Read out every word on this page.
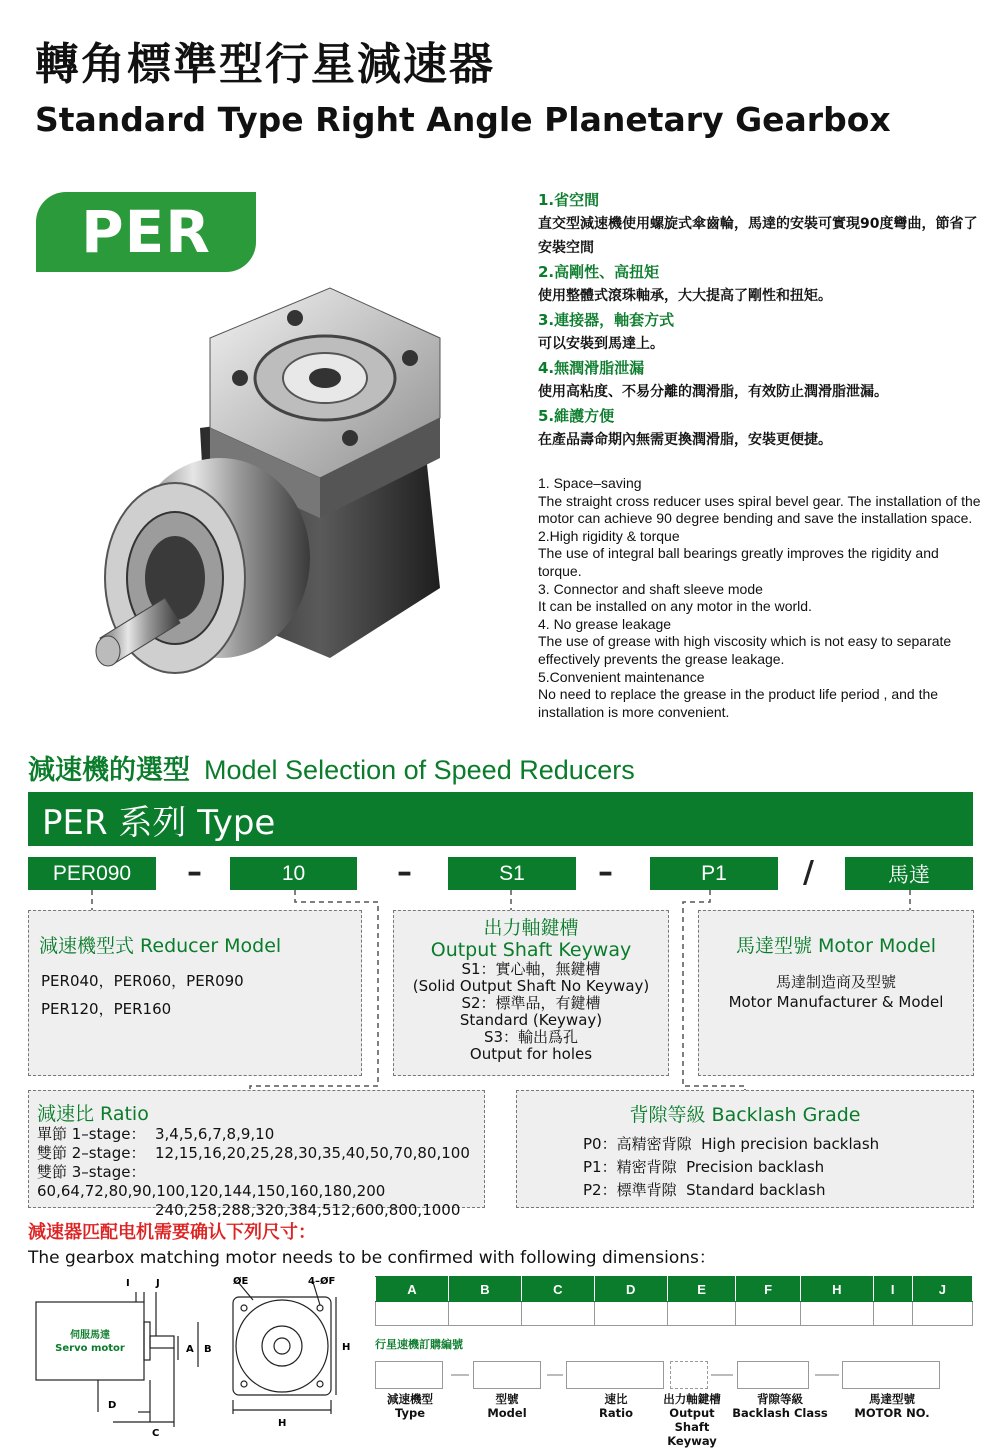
轉角標準型行星減速器
Standard Type Right Angle Planetary Gearbox
PER	1.省空間
直交型減速機使用螺旋式傘齒輪，馬達的安裝可實現90度彎曲，節省了安裝空間
2.高剛性、高扭矩
使用整體式滾珠軸承，大大提高了剛性和扭矩。
3.連接器，軸套方式
可以安裝到馬達上。
4.無潤滑脂泄漏
使用高粘度、不易分離的潤滑脂，有效防止潤滑脂泄漏。
5.維護方便
在產品壽命期內無需更換潤滑脂，安裝更便捷。
1. Space–saving
The straight cross reducer uses spiral bevel gear. The installation of the motor can achieve 90 degree bending and save the installation space.
2.High rigidity & torque
The use of integral ball bearings greatly improves the rigidity and torque.
3. Connector and shaft sleeve mode
It can be installed on any motor in the world.
4. No grease leakage
The use of grease with high viscosity which is not easy to separate effectively prevents the grease leakage.
5.Convenient maintenance
No need to replace the grease in the product life period , and the installation is more convenient.
減速機的選型 Model Selection of Speed Reducers
PER 系列 Type
PER090	–	10	–	S1	–	P1	/	馬達
減速機型式 Reducer Model
PER040，PER060，PER090
PER120，PER160
出力軸鍵槽
Output Shaft Keyway
S1：實心軸，無鍵槽
(Solid Output Shaft No Keyway)
S2：標準品，有鍵槽
Standard (Keyway)
S3：輸出爲孔
Output for holes
馬達型號 Motor Model
馬達制造商及型號
Motor Manufacturer & Model
減速比 Ratio
單節 1–stage： 3,4,5,6,7,8,9,10
雙節 2–stage： 12,15,16,20,25,28,30,35,40,50,70,80,100
雙節 3–stage：60,64,72,80,90,100,120,144,150,160,180,200
240,258,288,320,384,512,600,800,1000
背隙等級 Backlash Grade
P0：高精密背隙 High precision backlash
P1：精密背隙 Precision backlash
P2：標準背隙 Standard backlash
減速器匹配电机需要确认下列尺寸：
The gearbox matching motor needs to be confirmed with following dimensions：
伺服馬達
Servo motor
I	J	ØE	4–ØF
A B
D
C
H
H
A	B	C	D	E	F	H	I	J

行星速機訂購編號
減速機型
Type
型號
Model
速比
Ratio
出力軸鍵槽
Output Shaft Keyway
背隙等級
Backlash Class
馬達型號
MOTOR NO.
